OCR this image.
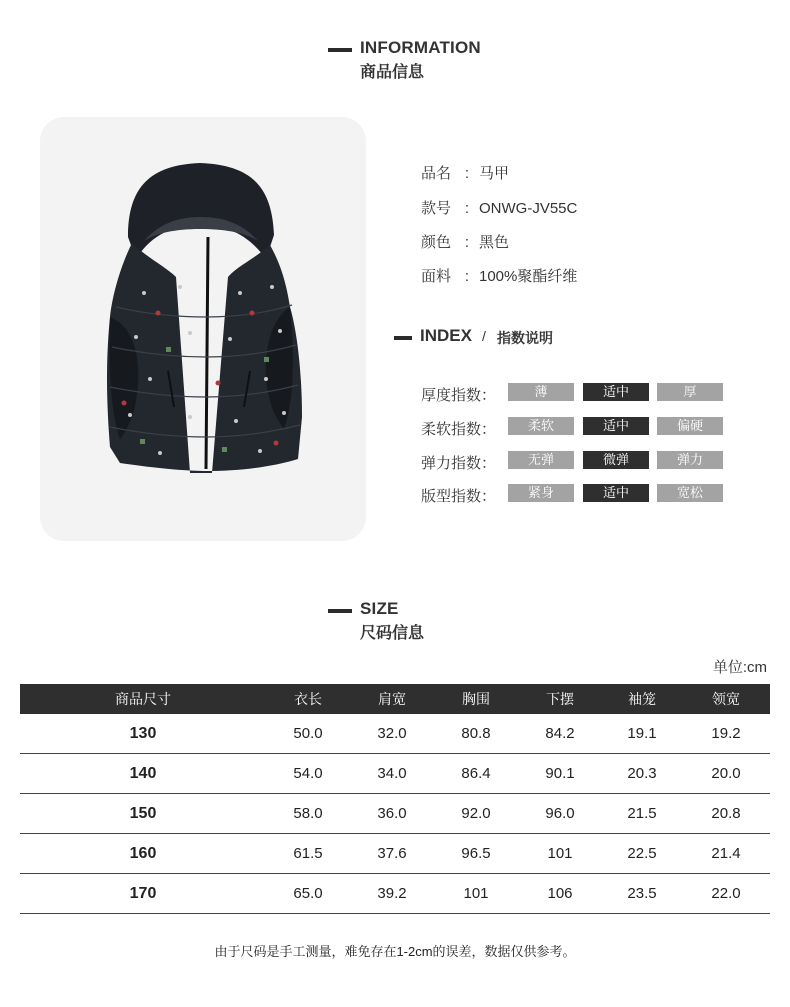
INFORMATION
商品信息
品名 : 马甲
款号 : ONWG-JV55C
颜色 : 黑色
面料 : 100%聚酯纤维
INDEX / 指数说明
厚度指数：	薄	适中	厚
柔软指数：	柔软	适中	偏硬
弹力指数：	无弹	微弹	弹力
版型指数：	紧身	适中	宽松
SIZE
尺码信息
单位:cm
商品尺寸	衣长	肩宽	胸围	下摆	袖笼	领宽
130	50.0	32.0	80.8	84.2	19.1	19.2
140	54.0	34.0	86.4	90.1	20.3	20.0
150	58.0	36.0	92.0	96.0	21.5	20.8
160	61.5	37.6	96.5	101	22.5	21.4
170	65.0	39.2	101	106	23.5	22.0
由于尺码是手工测量，难免存在1-2cm的误差，数据仅供参考。
